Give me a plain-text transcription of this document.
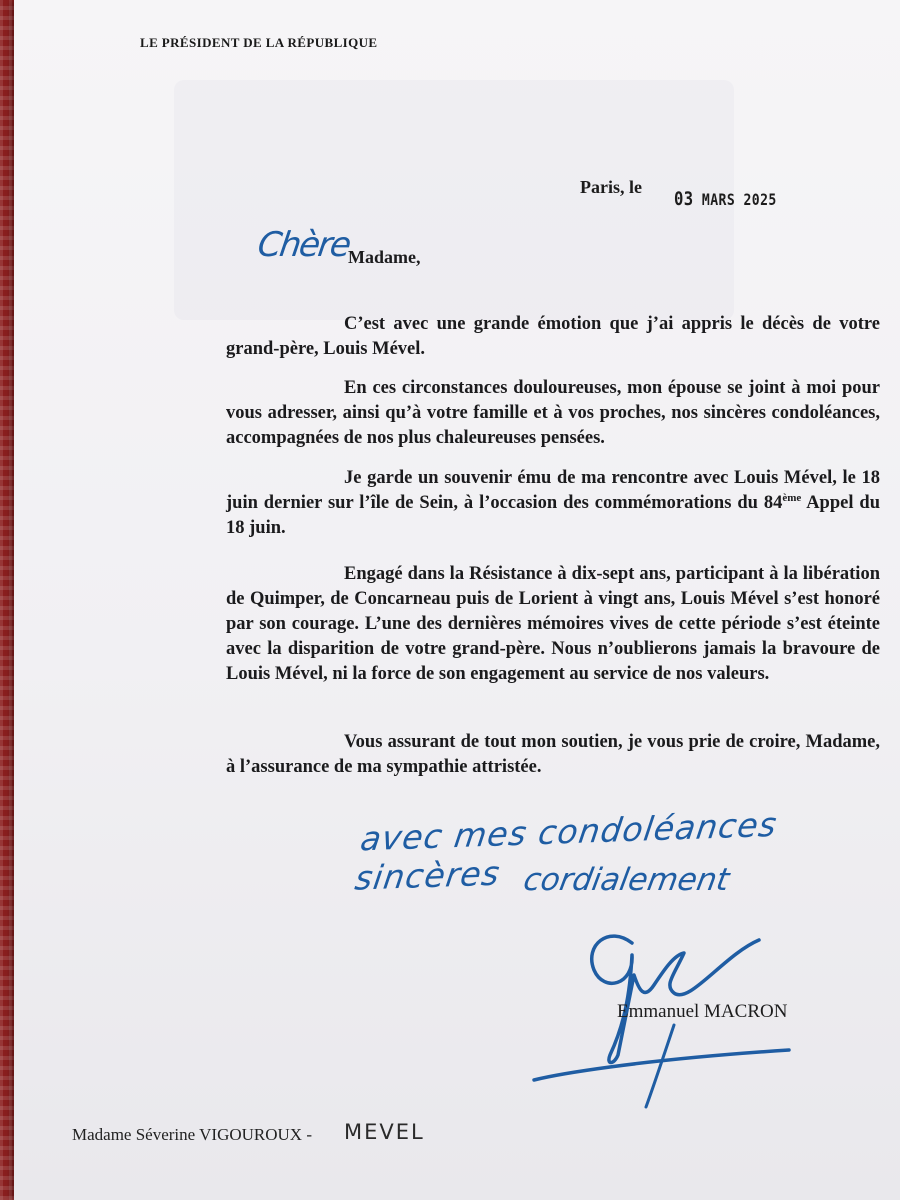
LE PRÉSIDENT DE LA RÉPUBLIQUE
Paris, le
03 MARS 2025
Chère
Madame,
C’est avec une grande émotion que j’ai appris le décès de votre grand-père, Louis Mével.
En ces circonstances douloureuses, mon épouse se joint à moi pour vous adresser, ainsi qu’à votre famille et à vos proches, nos sincères condoléances, accompagnées de nos plus chaleureuses pensées.
Je garde un souvenir ému de ma rencontre avec Louis Mével, le 18 juin dernier sur l’île de Sein, à l’occasion des commémorations du 84ème Appel du 18 juin.
Engagé dans la Résistance à dix-sept ans, participant à la libération de Quimper, de Concarneau puis de Lorient à vingt ans, Louis Mével s’est honoré par son courage. L’une des dernières mémoires vives de cette période s’est éteinte avec la disparition de votre grand-père. Nous n’oublierons jamais la bravoure de Louis Mével, ni la force de son engagement au service de nos valeurs.
Vous assurant de tout mon soutien, je vous prie de croire, Madame, à l’assurance de ma sympathie attristée.
avec mes condoléances sincères cordialement
Emmanuel MACRON
Madame Séverine VIGOUROUX - MEVEL
